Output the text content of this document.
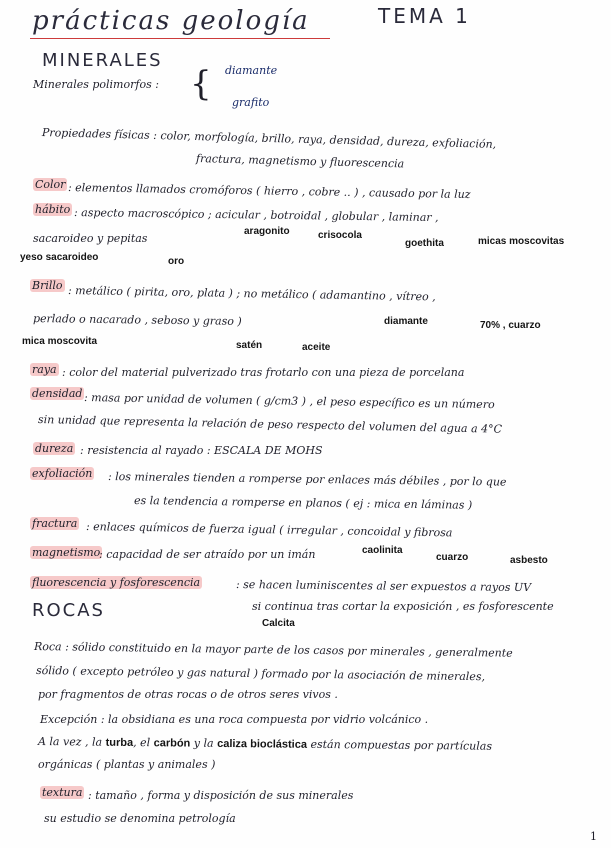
prácticas geología	TEMA 1
MINERALES
Minerales polimorfos : { diamante
grafito
Propiedades físicas : color, morfología, brillo, raya, densidad, dureza, exfoliación,
fractura, magnetismo y fluorescencia
Color : elementos llamados cromóforos ( hierro , cobre .. ) , causado por la luz
hábito : aspecto macroscópico ; acicular , botroidal , globular , laminar ,
aragonito	crisocola
sacaroideo y pepitas	goethita	micas moscovitas
yeso sacaroideo	oro
Brillo : metálico ( pirita, oro, plata ) ; no metálico ( adamantino , vítreo ,
perlado o nacarado , seboso y graso )	diamante	70% , cuarzo
mica moscovita	satén	aceite
raya : color del material pulverizado tras frotarlo con una pieza de porcelana
densidad : masa por unidad de volumen ( g/cm3 ) , el peso específico es un número
sin unidad que representa la relación de peso respecto del volumen del agua a 4°C
dureza : resistencia al rayado : ESCALA DE MOHS
exfoliación : los minerales tienden a romperse por enlaces más débiles , por lo que
es la tendencia a romperse en planos ( ej : mica en láminas )
fractura : enlaces químicos de fuerza igual ( irregular , concoidal y fibrosa
magnetismo
: capacidad de ser atraído por un imán	caolinita
cuarzo	asbesto
fluorescencia y fosforescencia	: se hacen luminiscentes al ser expuestos a rayos UV
si continua tras cortar la exposición , es fosforescente
Calcita
ROCAS
Roca : sólido constituido en la mayor parte de los casos por minerales , generalmente
sólido ( excepto petróleo y gas natural ) formado por la asociación de minerales,
por fragmentos de otras rocas o de otros seres vivos .
Excepción : la obsidiana es una roca compuesta por vidrio volcánico .
A la vez , la turba, el carbón y la caliza bioclástica están compuestas por partículas
orgánicas ( plantas y animales )
textura : tamaño , forma y disposición de sus minerales
su estudio se denomina petrología
1
